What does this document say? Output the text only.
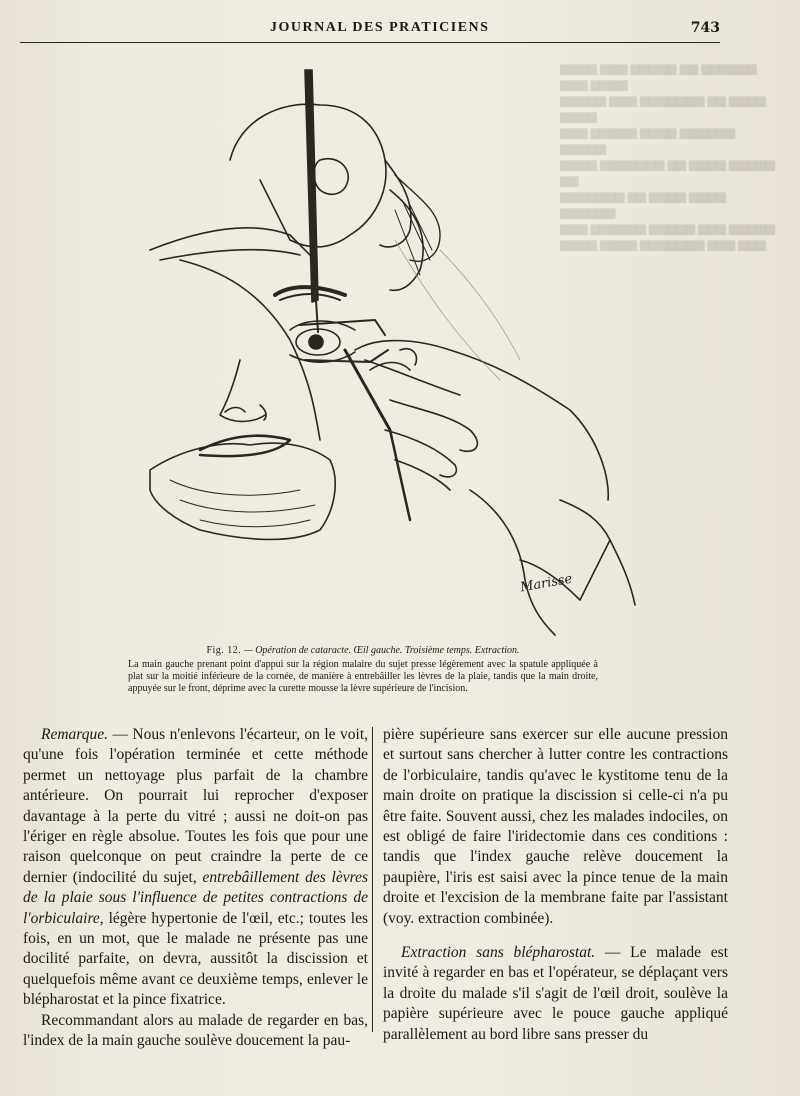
JOURNAL DES PRATICIENS	743
▆▆▆▆ ▆▆▆ ▆▆▆▆▆ ▆▆ ▆▆▆▆▆▆ ▆▆▆ ▆▆▆▆
▆▆▆▆▆ ▆▆▆ ▆▆▆▆▆▆▆ ▆▆ ▆▆▆▆ ▆▆▆▆
▆▆▆ ▆▆▆▆▆ ▆▆▆▆ ▆▆▆▆▆▆ ▆▆▆▆▆
▆▆▆▆ ▆▆▆▆▆▆▆ ▆▆ ▆▆▆▆ ▆▆▆▆▆ ▆▆
▆▆▆▆▆▆▆ ▆▆ ▆▆▆▆ ▆▆▆▆ ▆▆▆▆▆▆
▆▆▆ ▆▆▆▆▆▆ ▆▆▆▆▆ ▆▆▆ ▆▆▆▆▆
▆▆▆▆ ▆▆▆▆ ▆▆▆▆▆▆▆ ▆▆▆ ▆▆▆
Marisse
Fig. 12. — Opération de cataracte. Œil gauche. Troisième temps. Extraction.
La main gauche prenant point d'appui sur la région malaire du sujet presse légèrement avec la spatule appliquée à plat sur la moitié inférieure de la cornée, de manière à entrebâiller les lèvres de la plaie, tandis que la main droite, appuyée sur le front, déprime avec la curette mousse la lèvre supérieure de l'incision.

Remarque. — Nous n'enlevons l'écarteur, on le voit, qu'une fois l'opération terminée et cette méthode permet un nettoyage plus parfait de la chambre antérieure. On pourrait lui reprocher d'exposer davantage à la perte du vitré ; aussi ne doit-on pas l'ériger en règle absolue. Toutes les fois que pour une raison quelconque on peut craindre la perte de ce dernier (indocilité du sujet, entrebâillement des lèvres de la plaie sous l'influence de petites contractions de l'orbiculaire, légère hypertonie de l'œil, etc.; toutes les fois, en un mot, que le malade ne présente pas une docilité parfaite, on devra, aussitôt la discission et quelquefois même avant ce deuxième temps, enlever le blépharostat et la pince fixatrice.

Recommandant alors au malade de regarder en bas, l'index de la main gauche soulève doucement la pau-

pière supérieure sans exercer sur elle aucune pression et surtout sans chercher à lutter contre les contractions de l'orbiculaire, tandis qu'avec le kystitome tenu de la main droite on pratique la discission si celle-ci n'a pu être faite. Souvent aussi, chez les malades indociles, on est obligé de faire l'iridectomie dans ces conditions : tandis que l'index gauche relève doucement la paupière, l'iris est saisi avec la pince tenue de la main droite et l'excision de la membrane faite par l'assistant (voy. extraction combinée).

Extraction sans blépharostat. — Le malade est invité à regarder en bas et l'opérateur, se déplaçant vers la droite du malade s'il s'agit de l'œil droit, soulève la papière supérieure avec le pouce gauche appliqué parallèlement au bord libre sans presser du
